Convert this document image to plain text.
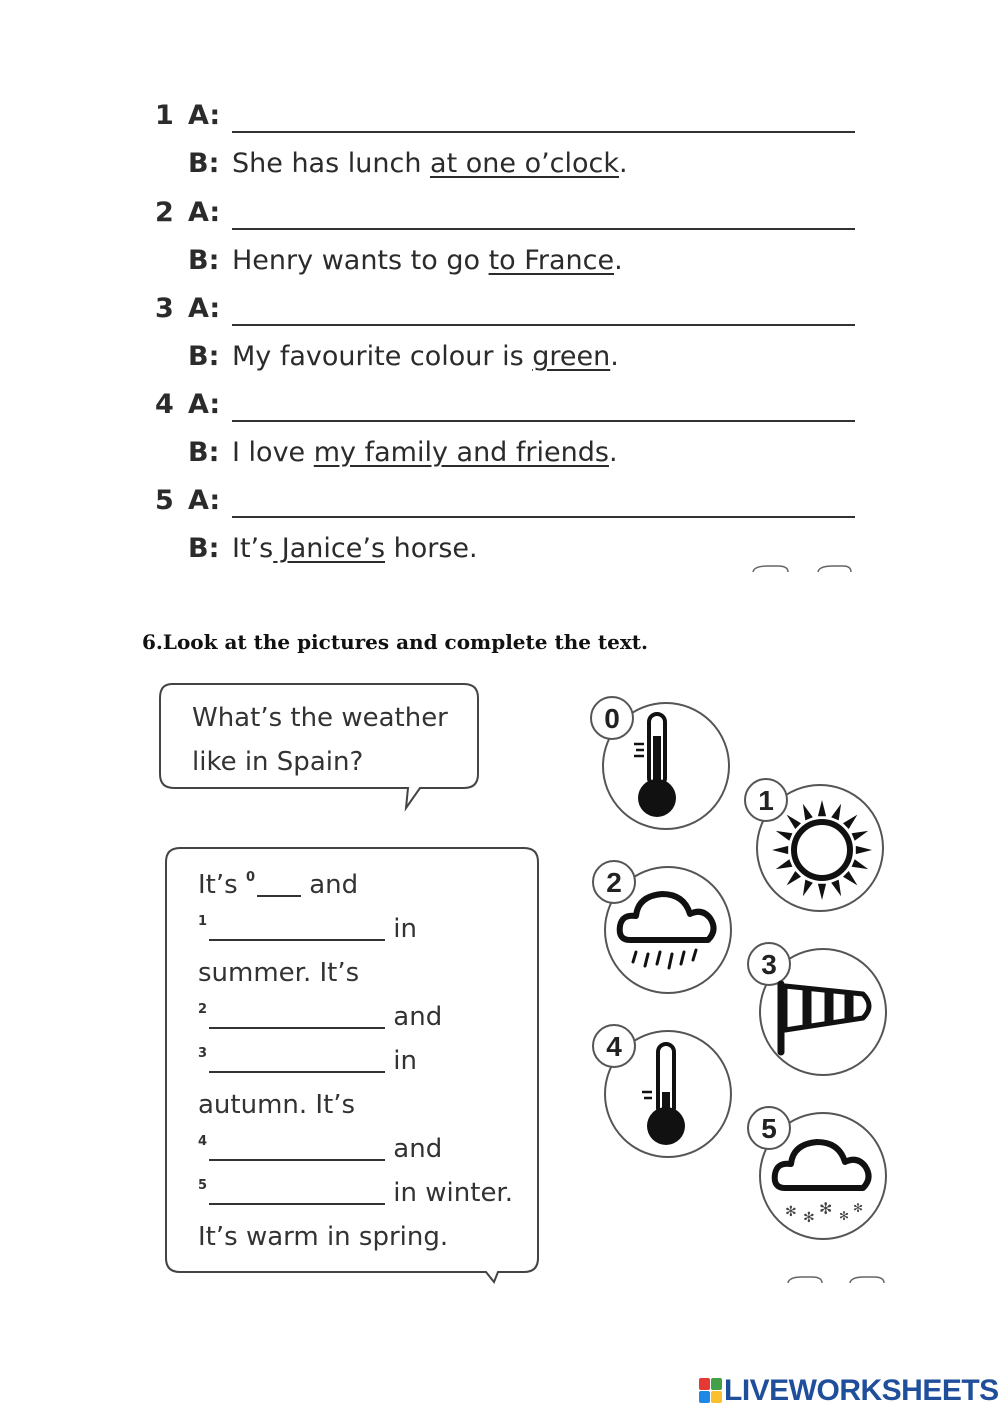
1 A:
B: She has lunch at one o’clock.
2 A:
B: Henry wants to go to France.
3 A:
B: My favourite colour is green.
4 A:
B: I love my family and friends.
5 A:
B: It’s Janice’s horse.
6.Look at the pictures and complete the text.
What’s the weather
like in Spain?
It’s $^0$ and
$^1$	in
summer. It’s
$^2$	and
$^3$	in
autumn. It’s
$^4$	and
$^5$	in winter.
It’s warm in spring.
0
1
2
3
4
5
✻ ✻ ✻ ✻
✻
LIVEWORKSHEETS
